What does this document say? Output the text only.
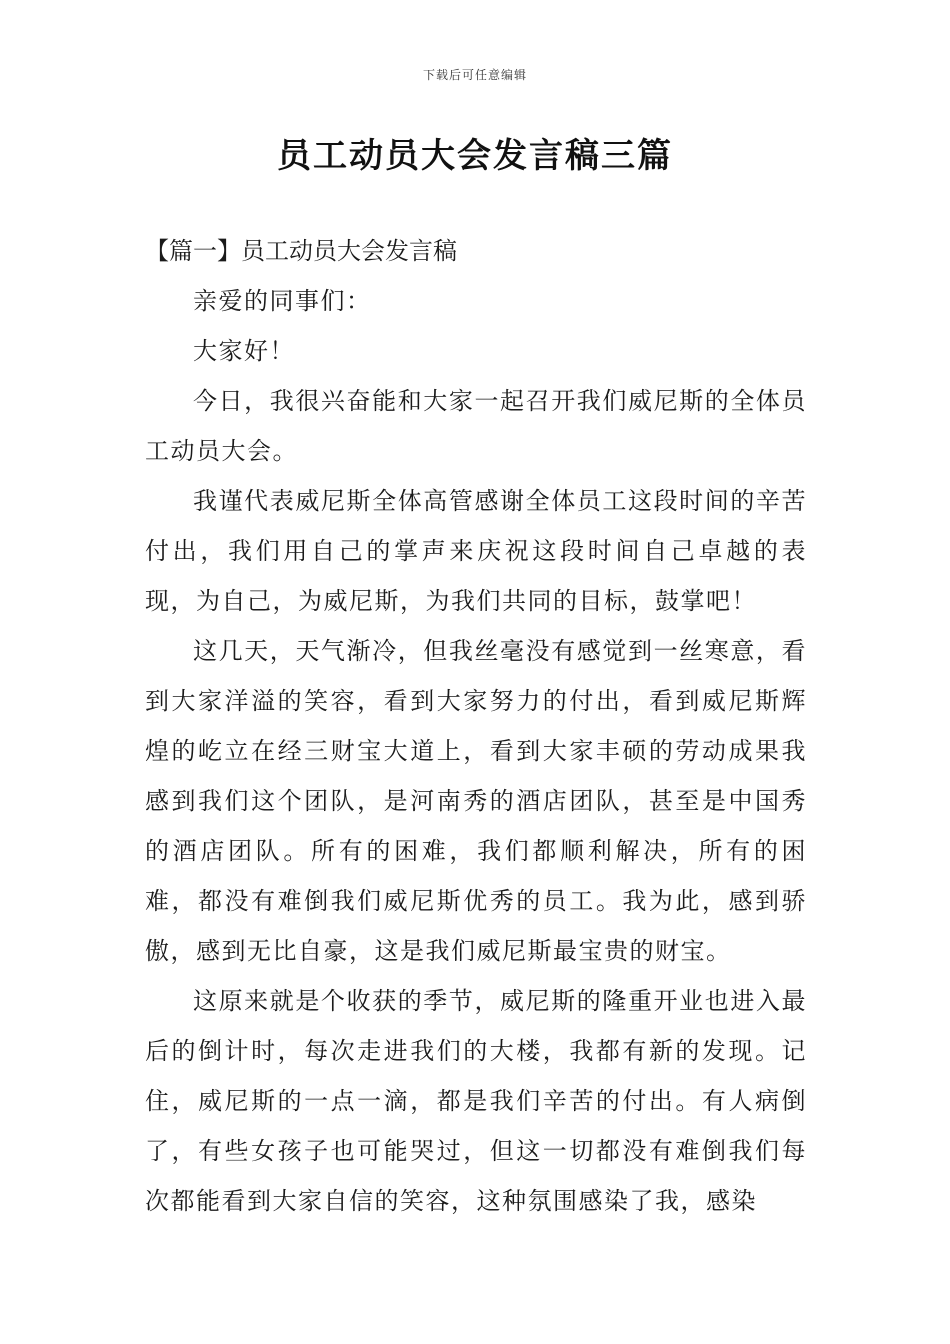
下载后可任意编辑
员工动员大会发言稿三篇

【篇一】员工动员大会发言稿

亲爱的同事们：

大家好！

今日，我很兴奋能和大家一起召开我们威尼斯的全体员工动员大会。

我谨代表威尼斯全体高管感谢全体员工这段时间的辛苦付出，我们用自己的掌声来庆祝这段时间自己卓越的表现，为自己，为威尼斯，为我们共同的目标，鼓掌吧！

这几天，天气渐冷，但我丝毫没有感觉到一丝寒意，看到大家洋溢的笑容，看到大家努力的付出，看到威尼斯辉煌的屹立在经三财宝大道上，看到大家丰硕的劳动成果我感到我们这个团队，是河南秀的酒店团队，甚至是中国秀的酒店团队。所有的困难，我们都顺利解决，所有的困难，都没有难倒我们威尼斯优秀的员工。我为此，感到骄傲，感到无比自豪，这是我们威尼斯最宝贵的财宝。

这原来就是个收获的季节，威尼斯的隆重开业也进入最后的倒计时，每次走进我们的大楼，我都有新的发现。记住，威尼斯的一点一滴，都是我们辛苦的付出。有人病倒了，有些女孩子也可能哭过，但这一切都没有难倒我们每次都能看到大家自信的笑容，这种氛围感染了我，感染
